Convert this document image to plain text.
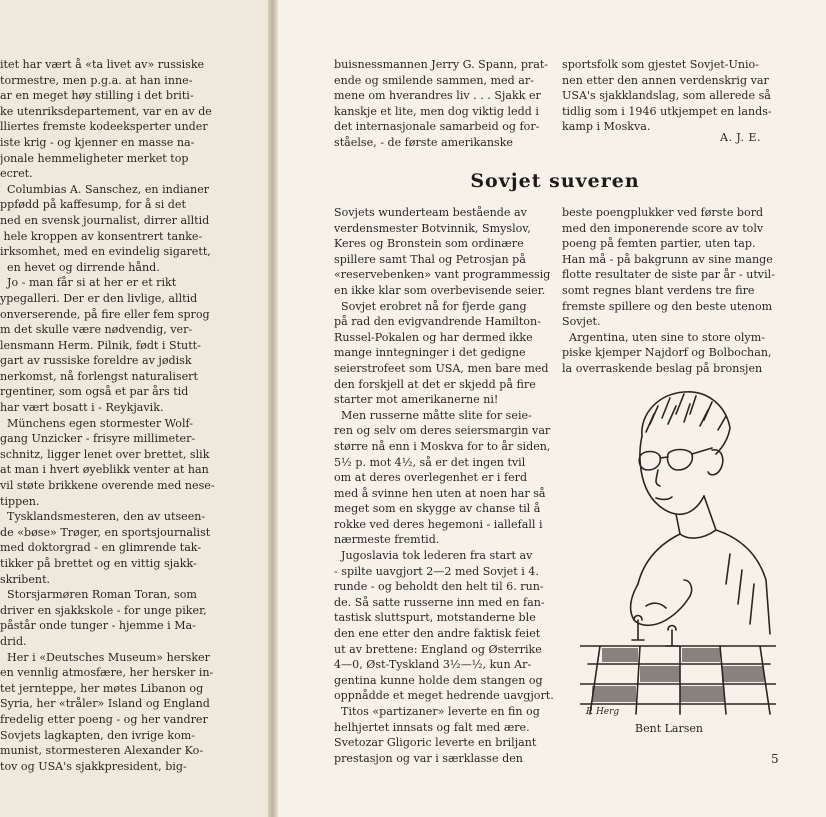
itet har vært å «ta livet av» russiske

tormestre, men p.g.a. at han inne-

ar en meget høy stilling i det briti-

ke utenriksdepartement, var en av de

lliertes fremste kodeeksperter under

iste krig - og kjenner en masse na-

jonale hemmeligheter merket top

ecret.

Columbias A. Sanschez, en indianer

ppfødd på kaffesump, for å si det

ned en svensk journalist, dirrer alltid

hele kroppen av konsentrert tanke-

irksomhet, med en evindelig sigarett,

en hevet og dirrende hånd.

Jo - man får si at her er et rikt

ypegalleri. Der er den livlige, alltid

onverserende, på fire eller fem sprog

m det skulle være nødvendig, ver-

lensmann Herm. Pilnik, født i Stutt-

gart av russiske foreldre av jødisk

nerkomst, nå forlengst naturalisert

rgentiner, som også et par års tid

har vært bosatt i - Reykjavik.

Münchens egen stormester Wolf-

gang Unzicker - frisyre millimeter-

schnitz, ligger lenet over brettet, slik

at man i hvert øyeblikk venter at han

vil støte brikkene overende med nese-

tippen.

Tysklandsmesteren, den av utseen-

de «bøse» Trøger, en sportsjournalist

med doktorgrad - en glimrende tak-

tikker på brettet og en vittig sjakk-

skribent.

Storsjarmøren Roman Toran, som

driver en sjakkskole - for unge piker,

påstår onde tunger - hjemme i Ma-

drid.

Her i «Deutsches Museum» hersker

en vennlig atmosfære, her hersker in-

tet jernteppe, her møtes Libanon og

Syria, her «tråler» Island og England

fredelig etter poeng - og her vandrer

Sovjets lagkapten, den ivrige kom-

munist, stormesteren Alexander Ko-

tov og USA's sjakkpresident, big-

buisnessmannen Jerry G. Spann, prat-

ende og smilende sammen, med ar-

mene om hverandres liv . . . Sjakk er

kanskje et lite, men dog viktig ledd i

det internasjonale samarbeid og for-

ståelse, - de første amerikanske

sportsfolk som gjestet Sovjet-Unio-

nen etter den annen verdenskrig var

USA's sjakklandslag, som allerede så

tidlig som i 1946 utkjempet en lands-

kamp i Moskva.

A. J. E.
Sovjet suveren

Sovjets wunderteam bestående av

verdensmester Botvinnik, Smyslov,

Keres og Bronstein som ordinære

spillere samt Thal og Petrosjan på

«reservebenken» vant programmessig

en ikke klar som overbevisende seier.

Sovjet erobret nå for fjerde gang

på rad den evigvandrende Hamilton-

Russel-Pokalen og har dermed ikke

mange inntegninger i det gedigne

seierstrofeet som USA, men bare med

den forskjell at det er skjedd på fire

starter mot amerikanerne ni!

Men russerne måtte slite for seie-

ren og selv om deres seiersmargin var

større nå enn i Moskva for to år siden,

5½ p. mot 4½, så er det ingen tvil

om at deres overlegenhet er i ferd

med å svinne hen uten at noen har så

meget som en skygge av chanse til å

rokke ved deres hegemoni - iallefall i

nærmeste fremtid.

Jugoslavia tok lederen fra start av

- spilte uavgjort 2—2 med Sovjet i 4.

runde - og beholdt den helt til 6. run-

de. Så satte russerne inn med en fan-

tastisk sluttspurt, motstanderne ble

den ene etter den andre faktisk feiet

ut av brettene: England og Østerrike

4—0, Øst-Tyskland 3½—½, kun Ar-

gentina kunne holde dem stangen og

oppnådde et meget hedrende uavgjort.

Titos «partizaner» leverte en fin og

helhjertet innsats og falt med ære.

Svetozar Gligoric leverte en briljant

prestasjon og var i særklasse den

beste poengplukker ved første bord

med den imponerende score av tolv

poeng på femten partier, uten tap.

Han må - på bakgrunn av sine mange

flotte resultater de siste par år - utvil-

somt regnes blant verdens tre fire

fremste spillere og den beste utenom

Sovjet.

Argentina, uten sine to store olym-

piske kjemper Najdorf og Bolbochan,

la overraskende beslag på bronsjen

P. Herg
Bent Larsen
5
